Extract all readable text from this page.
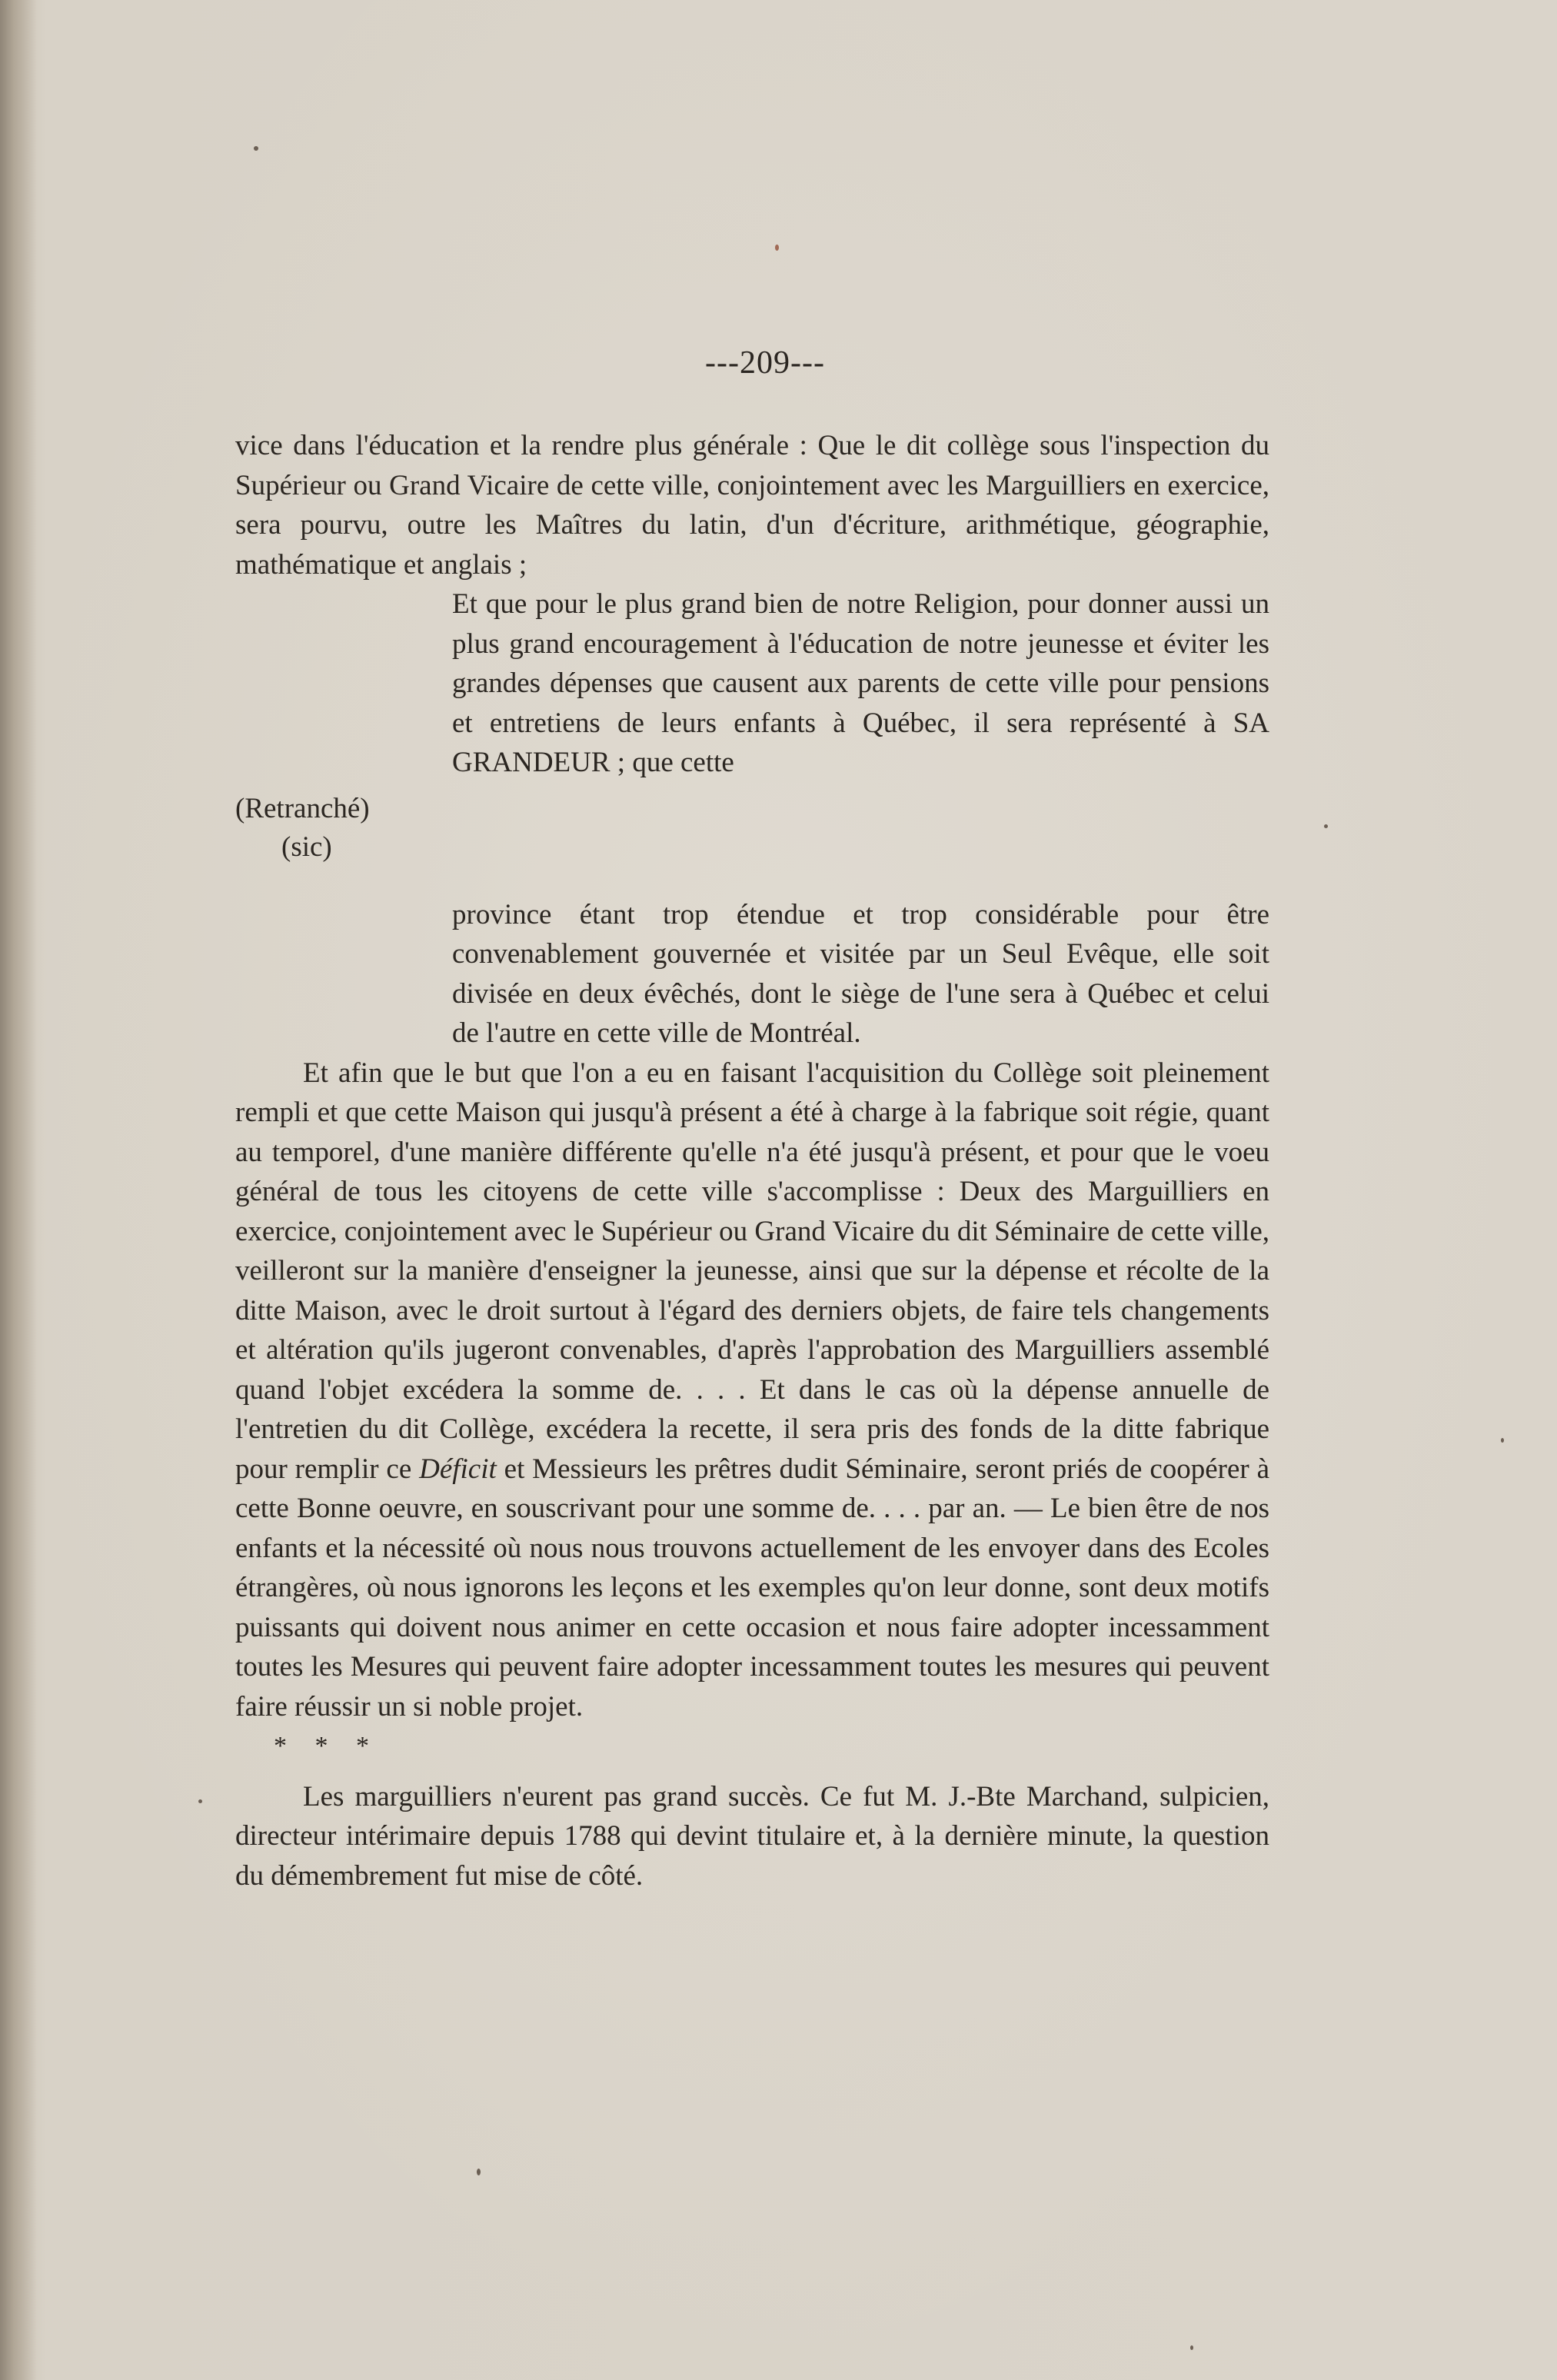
---209---

vice dans l'éducation et la rendre plus générale : Que le dit collège sous l'inspection du Supérieur ou Grand Vicaire de cette ville, conjointement avec les Marguilliers en exercice, sera pourvu, outre les Maîtres du latin, d'un d'écriture, arithmétique, géographie, mathématique et anglais ;

Et que pour le plus grand bien de notre Religion, pour donner aussi un plus grand encouragement à l'éducation de notre jeunesse et éviter les grandes dépenses que causent aux parents de cette ville pour pensions et entretiens de leurs enfants à Québec, il sera représenté à SA GRANDEUR ; que cette

(Retranché)
(sic)

province étant trop étendue et trop considérable pour être convenablement gouvernée et visitée par un Seul Evêque, elle soit divisée en deux évêchés, dont le siège de l'une sera à Québec et celui de l'autre en cette ville de Montréal.

Et afin que le but que l'on a eu en faisant l'acquisition du Collège soit pleinement rempli et que cette Maison qui jusqu'à présent a été à charge à la fabrique soit régie, quant au temporel, d'une manière différente qu'elle n'a été jusqu'à présent, et pour que le voeu général de tous les citoyens de cette ville s'accomplisse : Deux des Marguilliers en exercice, conjointement avec le Supérieur ou Grand Vicaire du dit Séminaire de cette ville, veilleront sur la manière d'enseigner la jeunesse, ainsi que sur la dépense et récolte de la ditte Maison, avec le droit surtout à l'égard des derniers objets, de faire tels changements et altération qu'ils jugeront convenables, d'après l'approbation des Marguilliers assemblé quand l'objet excédera la somme de. . . . Et dans le cas où la dépense annuelle de l'entretien du dit Collège, excédera la recette, il sera pris des fonds de la ditte fabrique pour remplir ce Déficit et Messieurs les prêtres dudit Séminaire, seront priés de coopérer à cette Bonne oeuvre, en souscrivant pour une somme de. . . . par an. — Le bien être de nos enfants et la nécessité où nous nous trouvons actuellement de les envoyer dans des Ecoles étrangères, où nous ignorons les leçons et les exemples qu'on leur donne, sont deux motifs puissants qui doivent nous animer en cette occasion et nous faire adopter incessamment toutes les Mesures qui peuvent faire adopter incessamment toutes les mesures qui peuvent faire réussir un si noble projet.

* * *

Les marguilliers n'eurent pas grand succès. Ce fut M. J.-Bte Marchand, sulpicien, directeur intérimaire depuis 1788 qui devint titulaire et, à la dernière minute, la question du démembrement fut mise de côté.
